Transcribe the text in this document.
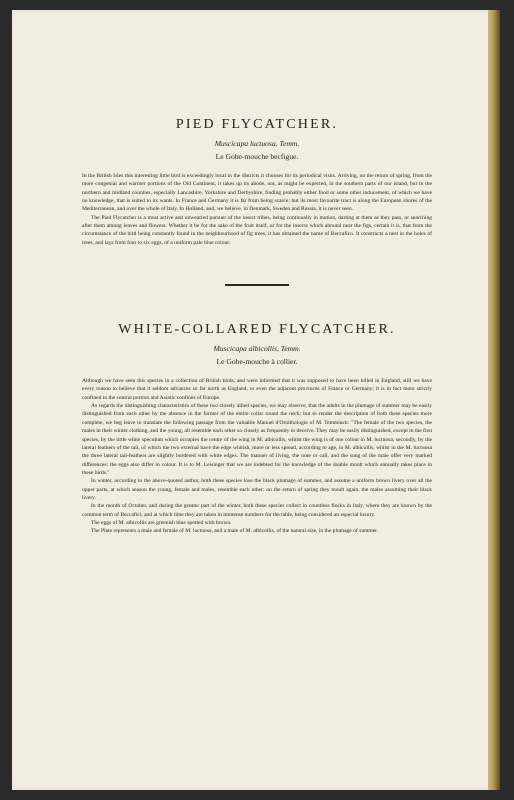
PIED FLYCATCHER.
Muscicapa luctuosa, Temm.
Le Gobe-mouche becfigue.

In the British Isles this interesting little bird is exceedingly local in the districts it chooses for its periodical visits. Arriving, on the return of spring, from the more congenial and warmer portions of the Old Continent, it takes up its abode, not, as might be expected, in the southern parts of our island, but in the northern and midland counties, especially Lancashire, Yorkshire and Derbyshire, finding probably either food or some other inducement, of which we have no knowledge, that is suited to its wants. In France and Germany it is far from being scarce; but its most favourite tract is along the European shores of the Mediterranean, and over the whole of Italy. In Holland, and, we believe, in Denmark, Sweden and Russia, it is never seen.

The Pied Flycatcher is a most active and unwearied pursuer of the insect tribes, being continually in motion, darting at them as they pass, or searching after them among leaves and flowers. Whether it be for the sake of the fruit itself, or for the insects which abound near the figs, certain it is, that from the circumstance of the bird being constantly found in the neighbourhood of fig trees, it has obtained the name of Beccafico. It constructs a nest in the holes of trees, and lays from four to six eggs, of a uniform pale blue colour.

WHITE-COLLARED FLYCATCHER.
Muscicapa albicollis, Temm.
Le Gobe-mouche à collier.

Although we have seen this species in a collection of British birds, and were informed that it was supposed to have been killed in England, still we have every reason to believe that it seldom advances so far north as England, or even the adjacent provinces of France or Germany; it is in fact more strictly confined to the central portion and Asiatic confines of Europe.

As regards the distinguishing characteristics of these two closely allied species, we may observe, that the adults in the plumage of summer may be easily distinguished from each other by the absence in the former of the entire collar round the neck; but to render the description of both these species more complete, we beg leave to translate the following passage from the valuable Manuel d'Ornithologie of M. Temminck: "The female of the two species, the males in their winter clothing, and the young, all resemble each other so closely as frequently to deceive. They may be easily distinguished, except in the first species, by the little white speculum which occupies the centre of the wing in M. albicollis, whilst the wing is of one colour in M. luctuosa; secondly, by the lateral feathers of the tail, of which the two external have the edge whitish, more or less spread, according to age, in M. albicollis, whilst in the M. luctuosa the three lateral tail-feathers are slightly bordered with white edges. The manner of living, the note or call, and the song of the male offer very marked differences: the eggs also differ in colour. It is to M. Leisinger that we are indebted for the knowledge of the double moult which annually takes place in these birds."

In winter, according to the above-quoted author, both these species lose the black plumage of summer, and assume a uniform brown livery over all the upper parts, at which season the young, female and males, resemble each other: on the return of spring they moult again, the males assuming their black livery.

In the month of October, and during the greater part of the winter, both these species collect in countless flocks in Italy, where they are known by the common term of Beccafici, and at which time they are taken in immense numbers for the table, being considered an especial luxury.

The eggs of M. albicollis are greenish blue spotted with brown.

The Plate represents a male and female of M. luctuosa, and a male of M. albicollis, of the natural size, in the plumage of summer.
